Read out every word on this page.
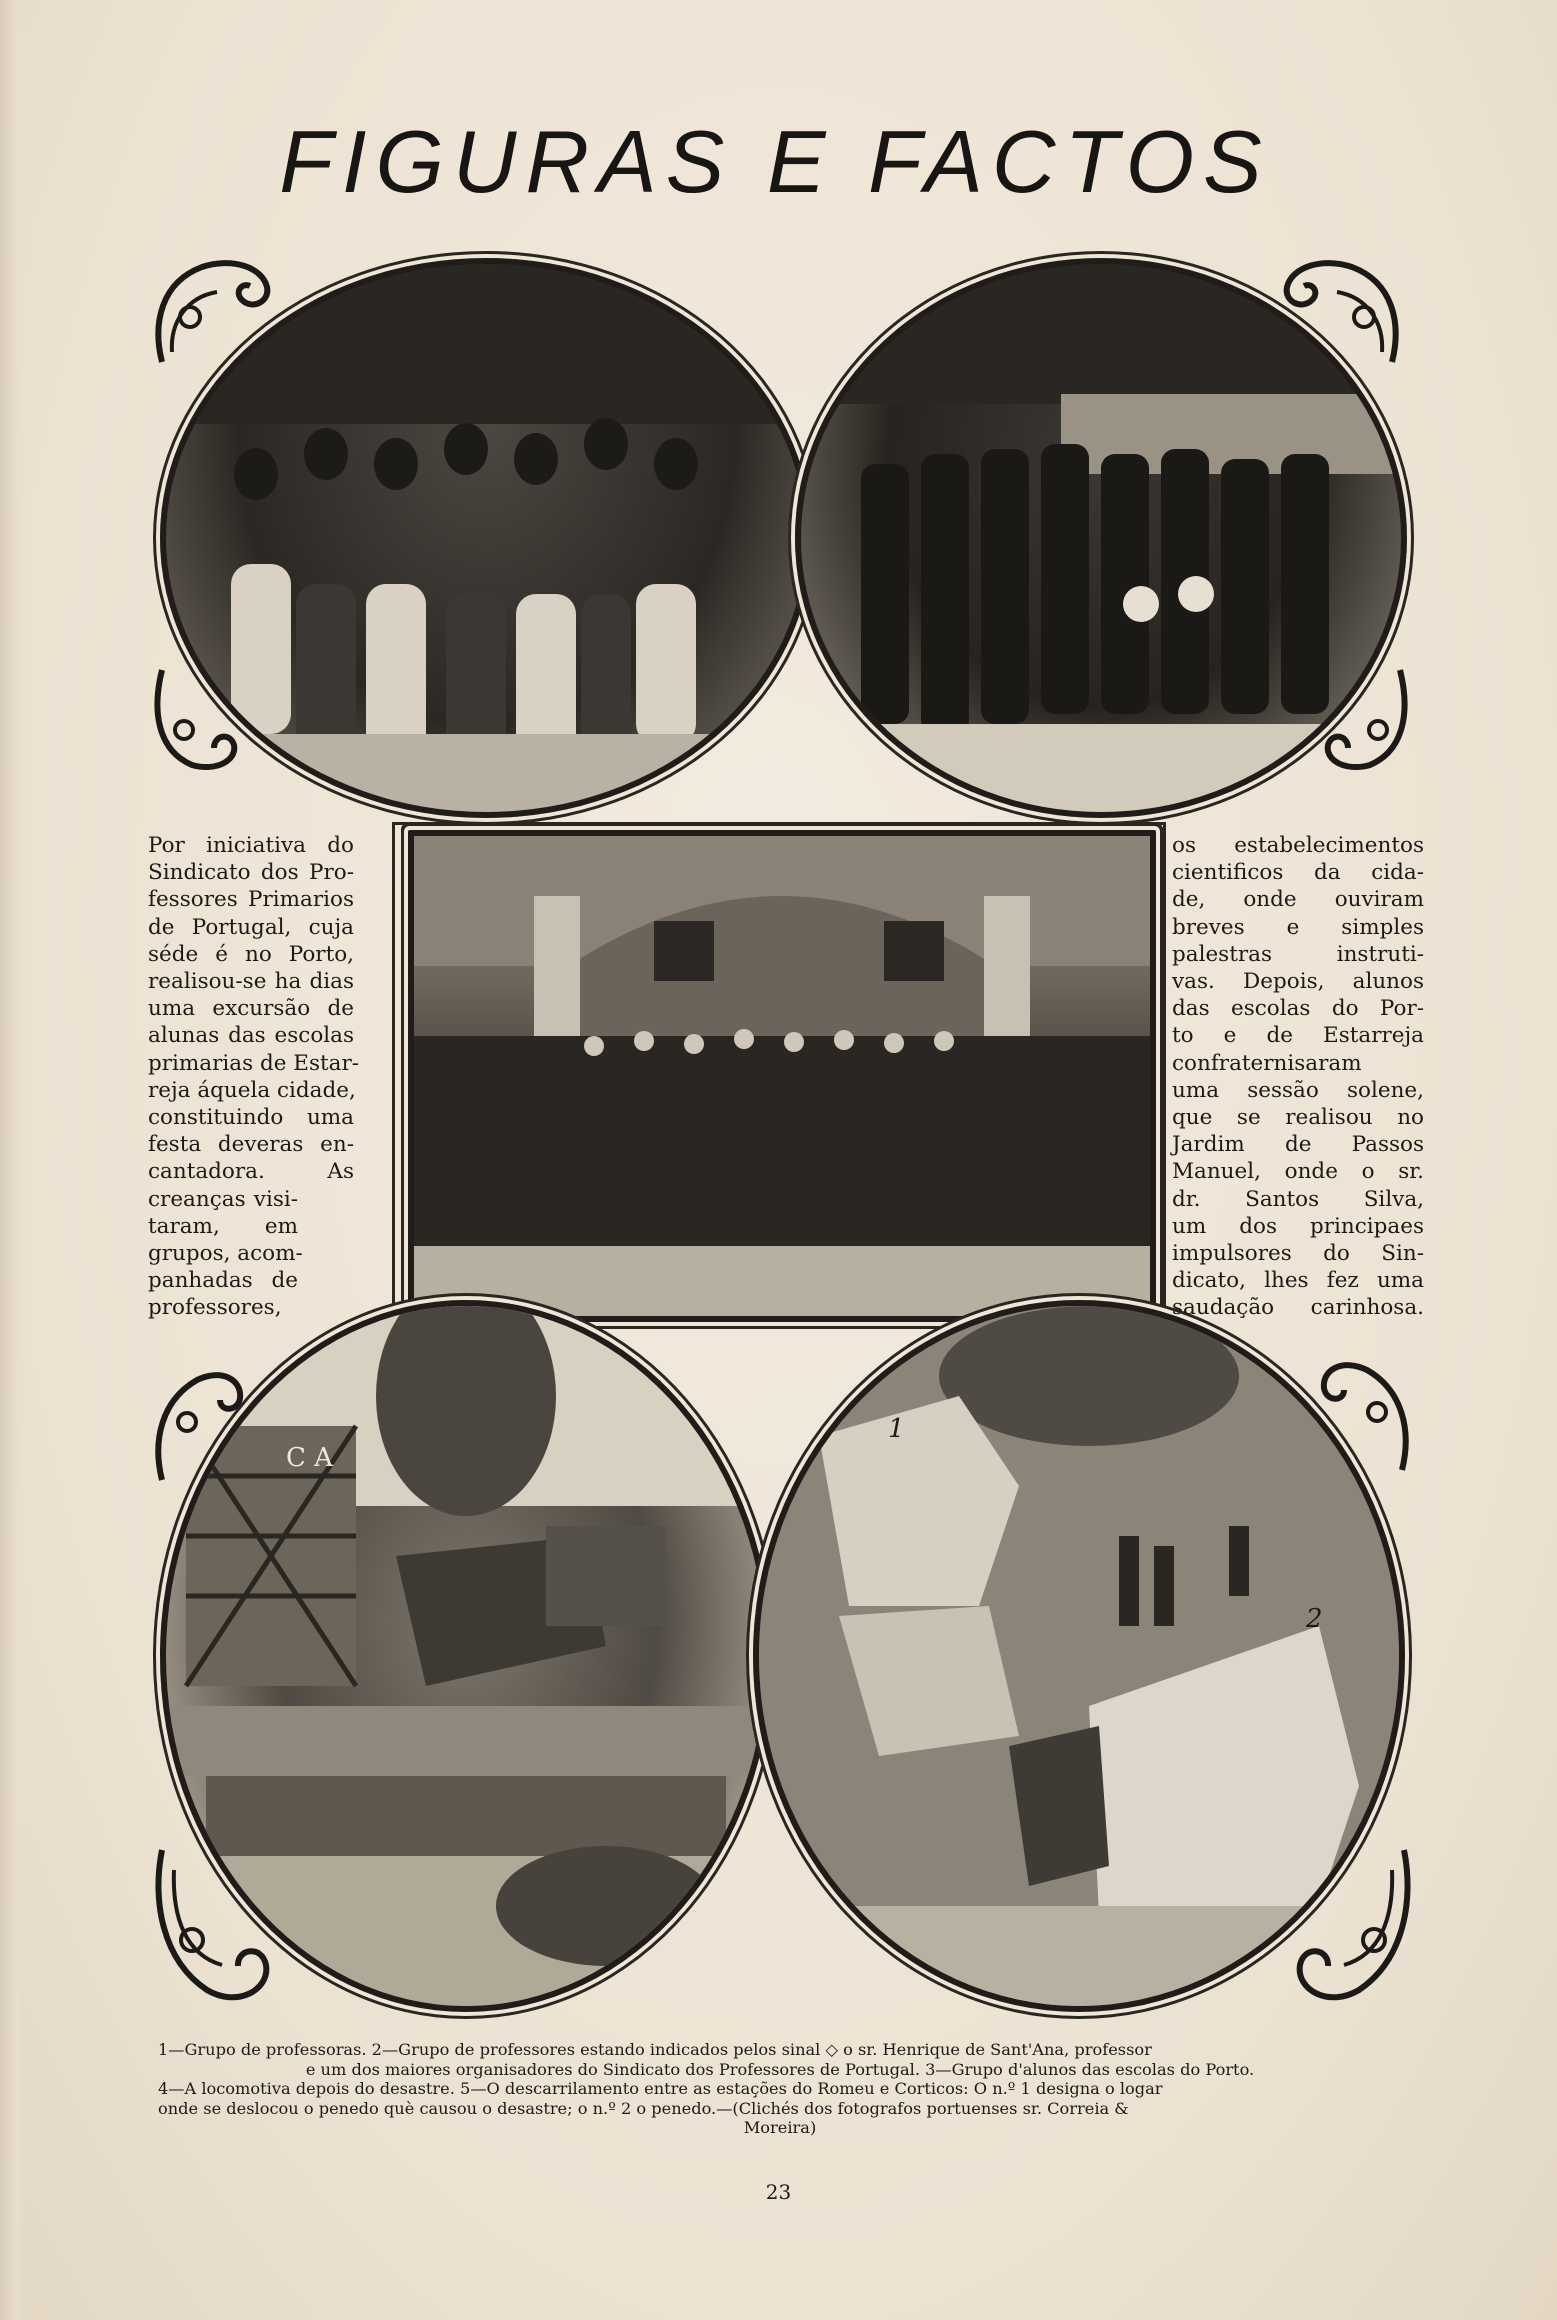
FIGURAS E FACTOS
C A
1
2
Por iniciativa do
Sindicato dos Pro-
fessores Primarios
de Portugal, cuja
séde é no Porto,
realisou-se ha dias
uma excursão de
alunas das escolas
primarias de Estar-
reja áquela cidade,
constituindo uma
festa deveras en-
cantadora. As
creanças visi-
taram, em
grupos, acom-
panhadas de
professores,
os estabelecimentos
cientificos da cida-
de, onde ouviram
breves e simples
palestras instruti-
vas. Depois, alunos
das escolas do Por-
to e de Estarreja
confraternisaram
uma sessão solene,
que se realisou no
Jardim de Passos
Manuel, onde o sr.
dr. Santos Silva,
um dos principaes
impulsores do Sin-
dicato, lhes fez uma
saudação carinhosa.
1—Grupo de professoras. 2—Grupo de professores estando indicados pelos sinal ◇ o sr. Henrique de Sant'Ana, professor
e um dos maiores organisadores do Sindicato dos Professores de Portugal. 3—Grupo d'alunos das escolas do Porto.
4—A locomotiva depois do desastre. 5—O descarrilamento entre as estações do Romeu e Corticos: O n.º 1 designa o logar
onde se deslocou o penedo què causou o desastre; o n.º 2 o penedo.—(Clichés dos fotografos portuenses sr. Correia &
Moreira)
23
